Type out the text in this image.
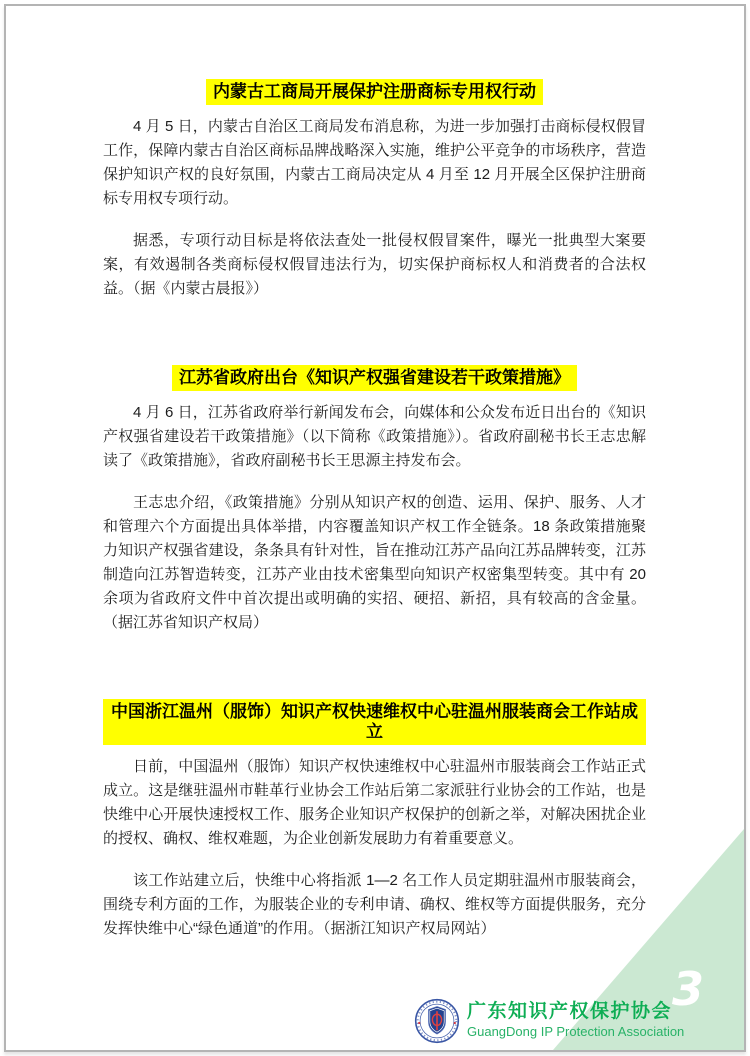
内蒙古工商局开展保护注册商标专用权行动

4 月 5 日，内蒙古自治区工商局发布消息称，为进一步加强打击商标侵权假冒工作，保障内蒙古自治区商标品牌战略深入实施，维护公平竞争的市场秩序，营造保护知识产权的良好氛围，内蒙古工商局决定从 4 月至 12 月开展全区保护注册商标专用权专项行动。

据悉，专项行动目标是将依法查处一批侵权假冒案件，曝光一批典型大案要案，有效遏制各类商标侵权假冒违法行为，切实保护商标权人和消费者的合法权益。（据《内蒙古晨报》）

江苏省政府出台《知识产权强省建设若干政策措施》

4 月 6 日，江苏省政府举行新闻发布会，向媒体和公众发布近日出台的《知识产权强省建设若干政策措施》（以下简称《政策措施》）。省政府副秘书长王志忠解读了《政策措施》，省政府副秘书长王思源主持发布会。

王志忠介绍，《政策措施》分别从知识产权的创造、运用、保护、服务、人才和管理六个方面提出具体举措，内容覆盖知识产权工作全链条。18 条政策措施聚力知识产权强省建设，条条具有针对性，旨在推动江苏产品向江苏品牌转变，江苏制造向江苏智造转变，江苏产业由技术密集型向知识产权密集型转变。其中有 20 余项为省政府文件中首次提出或明确的实招、硬招、新招，具有较高的含金量。（据江苏省知识产权局）

中国浙江温州（服饰）知识产权快速维权中心驻温州服装商会工作站成立

日前，中国温州（服饰）知识产权快速维权中心驻温州市服装商会工作站正式成立。这是继驻温州市鞋革行业协会工作站后第二家派驻行业协会的工作站，也是快维中心开展快速授权工作、服务企业知识产权保护的创新之举，对解决困扰企业的授权、确权、维权难题，为企业创新发展助力有着重要意义。

该工作站建立后，快维中心将指派 1—2 名工作人员定期驻温州市服装商会，围绕专利方面的工作，为服装企业的专利申请、确权、维权等方面提供服务，充分发挥快维中心“绿色通道”的作用。（据浙江知识产权局网站）

3
广东知识产权保护协会
GuangDong IP Protection Association
